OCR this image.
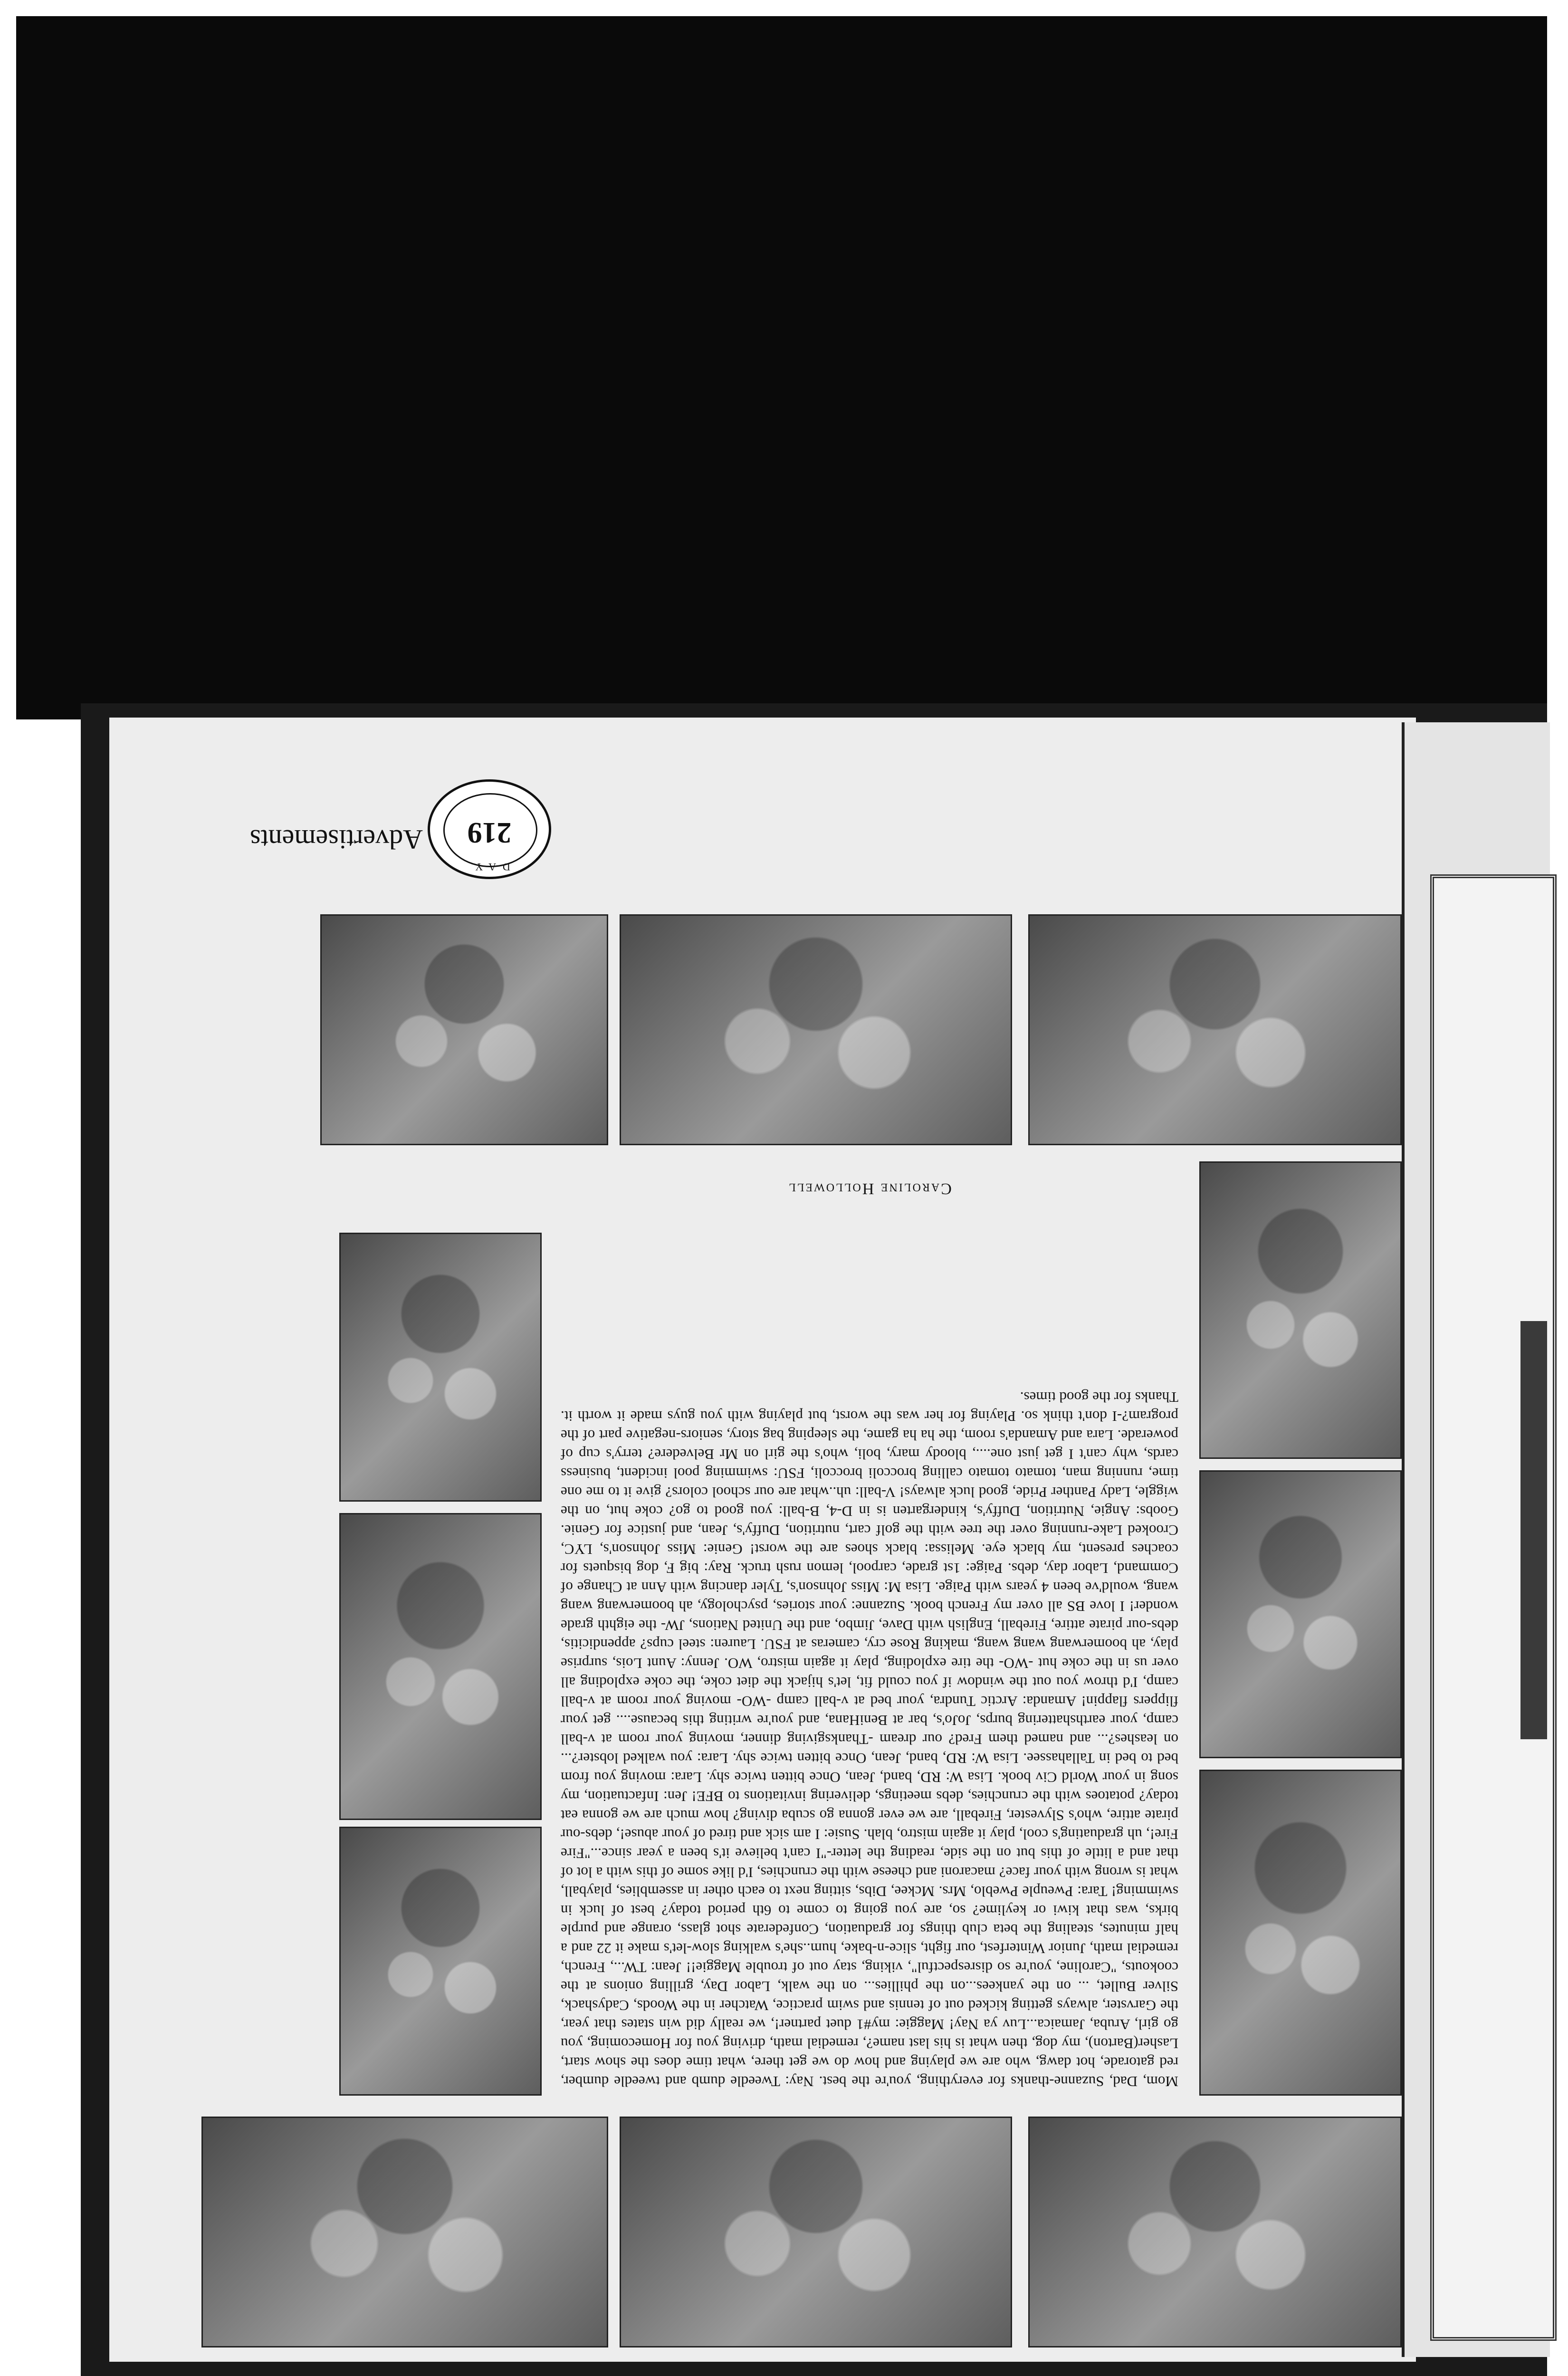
Caroline Hollowell
Mom, Dad, Suzanne-thanks for everything, you're the best. Nay: Tweedle dumb and tweedle dumber, red gatorade, hot dawg, who are we playing and how do we get there, what time does the show start, Lasher(Barton), my dog, then what is his last name?, remedial math, driving you for Homecoming, you go girl, Aruba, Jamaica...Luv ya Nay! Maggie: my#1 duet partner!, we really did win states that year, the Garvster, always getting kicked out of tennis and swim practice, Watcher in the Woods, Cadyshack, Silver Bullet, ... on the yankees...on the phillies... on the walk, Labor Day, grilling onions at the cookouts, "Caroline, you're so disrespectful", viking, stay out of trouble Maggie!! Jean: TW..., French, remedial math, Junior Winterfest, our fight, slice-n-bake, hum..she's walking slow-let's make it 22 and a half minutes, stealing the beta club things for graduation, Confederate shot glass, orange and purple birks, was that kiwi or keylime? so, are you going to come to 6th period today? best of luck in swimming! Tara: Pweuple Pweblo, Mrs. Mckee, Dibs, sitting next to each other in assemblies, playball, what is wrong with your face? macaroni and cheese with the crunchies, I'd like some of this with a lot of that and a little of this but on the side, reading the letter-"I can't believe it's been a year since..."Fire Fire!, uh graduating's cool, play it again mistro, blah. Susie: I am sick and tired of your abuse!, debs-our pirate attire, who's Slyvester, Fireball, are we ever gonna go scuba diving? how much are we gonna eat today? potatoes with the crunchies, debs meetings, delivering invitations to BFE! Jen: Infactuation, my song in your World Civ book. Lisa W: RD, band, Jean, Once bitten twice shy. Lara: moving you from bed to bed in Tallahassee. Lisa W: RD, band, Jean, Once bitten twice shy. Lara: you walked lobster?... on leashes?... and named them Fred? our dream -Thanksgiving dinner, moving your room at v-ball camp, your earthshattering burps, JoJo's, bar at BeniHana, and you're writing this because.... get your flippers flappin! Amanda: Arctic Tundra, your bed at v-ball camp -WO- moving your room at v-ball camp, I'd throw you out the window if you could fit, let's hijack the diet coke, the coke exploding all over us in the coke hut -WO- the tire exploding, play it again mistro, WO. Jenny: Aunt Lois, surprise play, ah boomerwang wang wang, making Rose cry, cameras at FSU. Lauren: steel cups? appendicitis, debs-our pirate attire, Fireball, English with Dave, Jimbo, and the United Nations, JW- the eighth grade wonder! I love BS all over my French book. Suzanne: your stories, psychology, ah boomerwang wang wang, would've been 4 years with Paige. Lisa M: Miss Johnson's, Tyler dancing with Ann at Change of Command, Labor day, debs. Paige: 1st grade, carpool, lemon rush truck. Ray: big F, dog bisquets for coaches present, my black eye. Melissa: black shoes are the worst! Genie: Miss Johnson's, LYC, Crooked Lake-running over the tree with the golf cart, nutrition, Duffy's, Jean, and justice for Genie. Goobs: Angie, Nutrition, Duffy's, kindergarten is in D-4, B-ball: you good to go? coke hut, on the wiggle, Lady Panther Pride, good luck always! V-ball: uh..what are our school colors? give it to me one time, running man, tomato tomato calling broccoli broccoli, FSU: swimming pool incident, business cards, why can't I get just one...., bloody mary, boli, who's the girl on Mr Belvedere? terry's cup of powerade. Lara and Amanda's room, the ha ha game, the sleeping bag story, seniors-negative part of the program?-I don't think so. Playing for her was the worst, but playing with you guys made it worth it. Thanks for the good times.
Advertisements
DAY
219
